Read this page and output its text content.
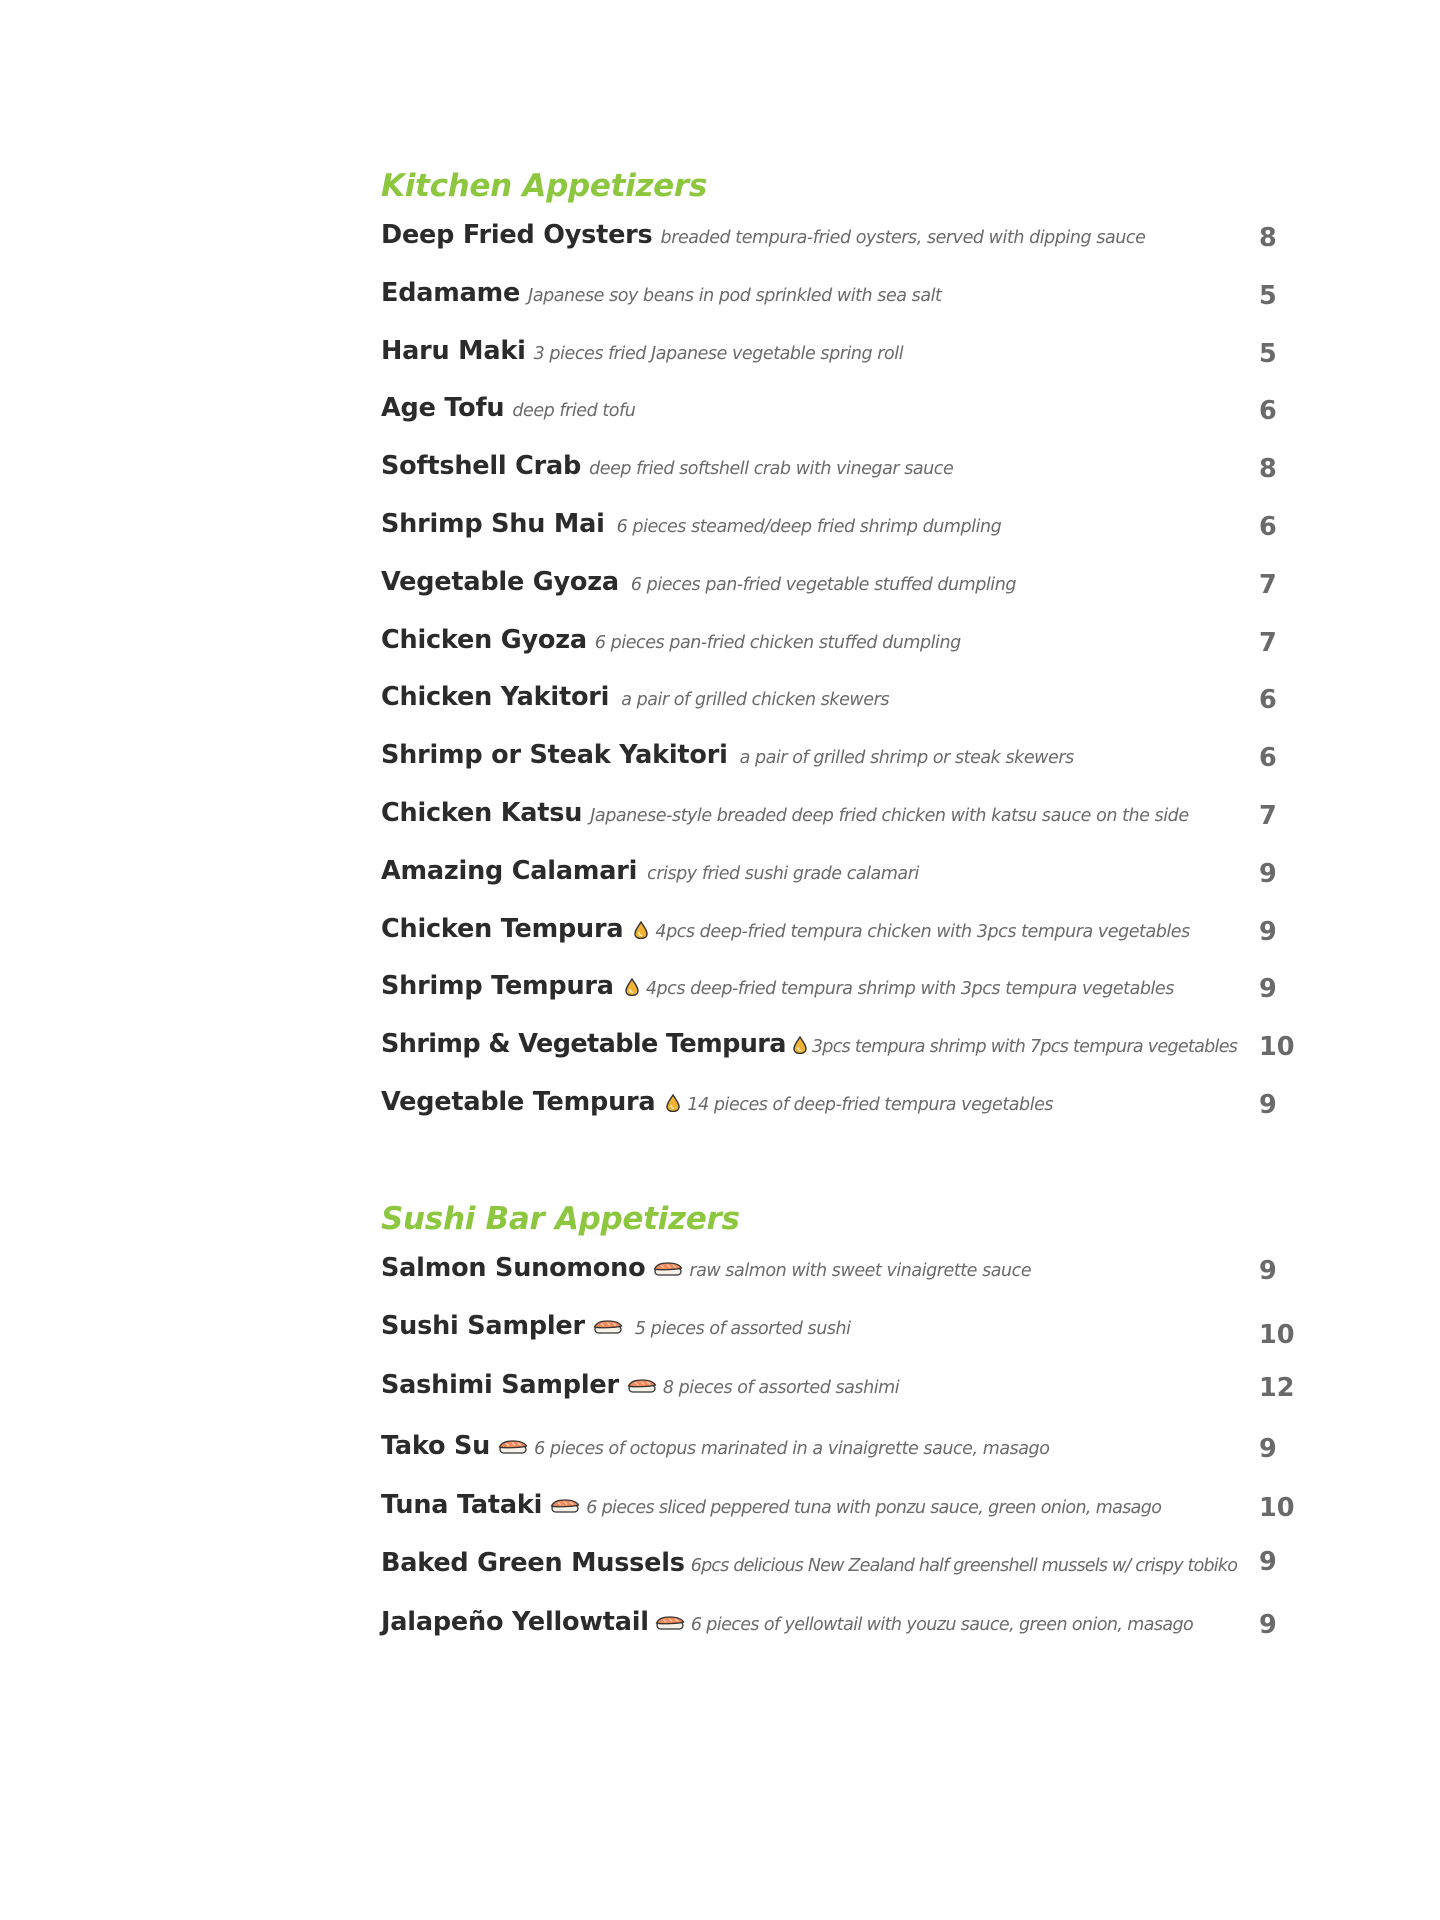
Kitchen Appetizers
Deep Fried Oysters breaded tempura-fried oysters, served with dipping sauce	8
Edamame Japanese soy beans in pod sprinkled with sea salt	5
Haru Maki 3 pieces fried Japanese vegetable spring roll	5
Age Tofu deep fried tofu	6
Softshell Crab deep fried softshell crab with vinegar sauce	8
Shrimp Shu Mai 6 pieces steamed/deep fried shrimp dumpling	6
Vegetable Gyoza 6 pieces pan-fried vegetable stuffed dumpling	7
Chicken Gyoza 6 pieces pan-fried chicken stuffed dumpling	7
Chicken Yakitori a pair of grilled chicken skewers	6
Shrimp or Steak Yakitori a pair of grilled shrimp or steak skewers	6
Chicken Katsu Japanese-style breaded deep fried chicken with katsu sauce on the side	7
Amazing Calamari crispy fried sushi grade calamari	9
Chicken Tempura 4pcs deep-fried tempura chicken with 3pcs tempura vegetables	9
Shrimp Tempura 4pcs deep-fried tempura shrimp with 3pcs tempura vegetables	9
Shrimp & Vegetable Tempura 3pcs tempura shrimp with 7pcs tempura vegetables 10
Vegetable Tempura 14 pieces of deep-fried tempura vegetables	9
Sushi Bar Appetizers
Salmon Sunomono	raw salmon with sweet vinaigrette sauce	9
Sushi Sampler	5 pieces of assorted sushi	10
Sashimi Sampler	8 pieces of assorted sashimi	12
Tako Su	6 pieces of octopus marinated in a vinaigrette sauce, masago	9
Tuna Tataki	6 pieces sliced peppered tuna with ponzu sauce, green onion, masago	10
Baked Green Mussels 6pcs delicious New Zealand half greenshell mussels w/ crispy tobiko 9
Jalapeño Yellowtail 6 pieces of yellowtail with youzu sauce, green onion, masago	9
